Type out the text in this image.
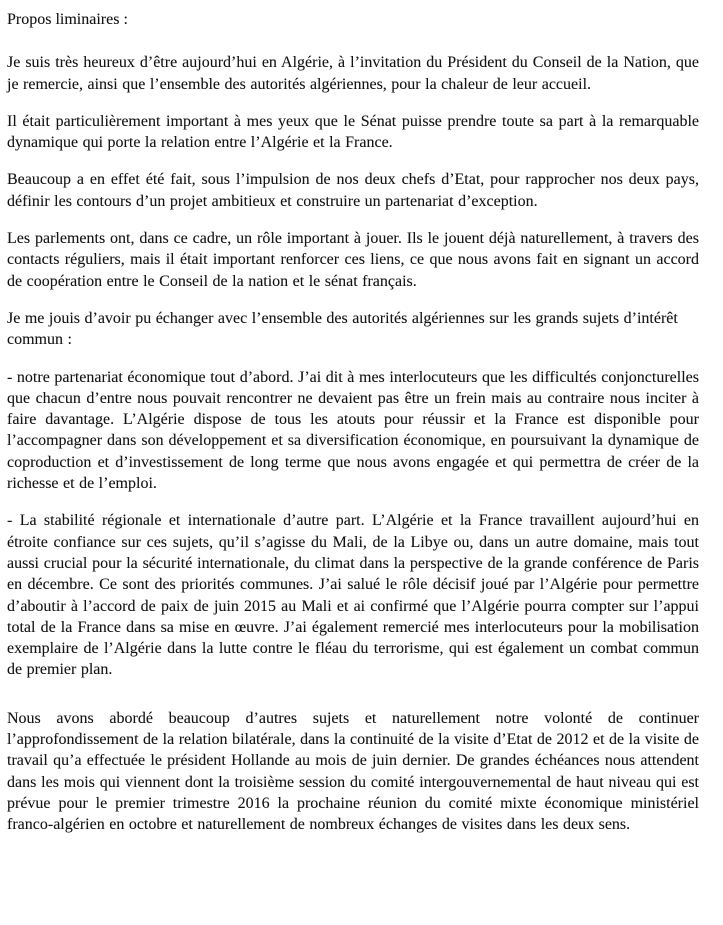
Propos liminaires :

Je suis très heureux d’être aujourd’hui en Algérie, à l’invitation du Président du Conseil de la Nation, que je remercie, ainsi que l’ensemble des autorités algériennes, pour la chaleur de leur accueil.

Il était particulièrement important à mes yeux que le Sénat puisse prendre toute sa part à la remarquable dynamique qui porte la relation entre l’Algérie et la France.

Beaucoup a en effet été fait, sous l’impulsion de nos deux chefs d’Etat, pour rapprocher nos deux pays, définir les contours d’un projet ambitieux et construire un partenariat d’exception.

Les parlements ont, dans ce cadre, un rôle important à jouer. Ils le jouent déjà naturellement, à travers des contacts réguliers, mais il était important renforcer ces liens, ce que nous avons fait en signant un accord de coopération entre le Conseil de la nation et le sénat français.

Je me jouis d’avoir pu échanger avec l’ensemble des autorités algériennes sur les grands sujets d’intérêt commun :

- notre partenariat économique tout d’abord. J’ai dit à mes interlocuteurs que les difficultés conjoncturelles que chacun d’entre nous pouvait rencontrer ne devaient pas être un frein mais au contraire nous inciter à faire davantage. L’Algérie dispose de tous les atouts pour réussir et la France est disponible pour l’accompagner dans son développement et sa diversification économique, en poursuivant la dynamique de coproduction et d’investissement de long terme que nous avons engagée et qui permettra de créer de la richesse et de l’emploi.

- La stabilité régionale et internationale d’autre part. L’Algérie et la France travaillent aujourd’hui en étroite confiance sur ces sujets, qu’il s’agisse du Mali, de la Libye ou, dans un autre domaine, mais tout aussi crucial pour la sécurité internationale, du climat dans la perspective de la grande conférence de Paris en décembre. Ce sont des priorités communes. J’ai salué le rôle décisif joué par l’Algérie pour permettre d’aboutir à l’accord de paix de juin 2015 au Mali et ai confirmé que l’Algérie pourra compter sur l’appui total de la France dans sa mise en œuvre. J’ai également remercié mes interlocuteurs pour la mobilisation exemplaire de l’Algérie dans la lutte contre le fléau du terrorisme, qui est également un combat commun de premier plan.

Nous avons abordé beaucoup d’autres sujets et naturellement notre volonté de continuer l’approfondissement de la relation bilatérale, dans la continuité de la visite d’Etat de 2012 et de la visite de travail qu’a effectuée le président Hollande au mois de juin dernier. De grandes échéances nous attendent dans les mois qui viennent dont la troisième session du comité intergouvernemental de haut niveau qui est prévue pour le premier trimestre 2016 la prochaine réunion du comité mixte économique ministériel franco-algérien en octobre et naturellement de nombreux échanges de visites dans les deux sens.
